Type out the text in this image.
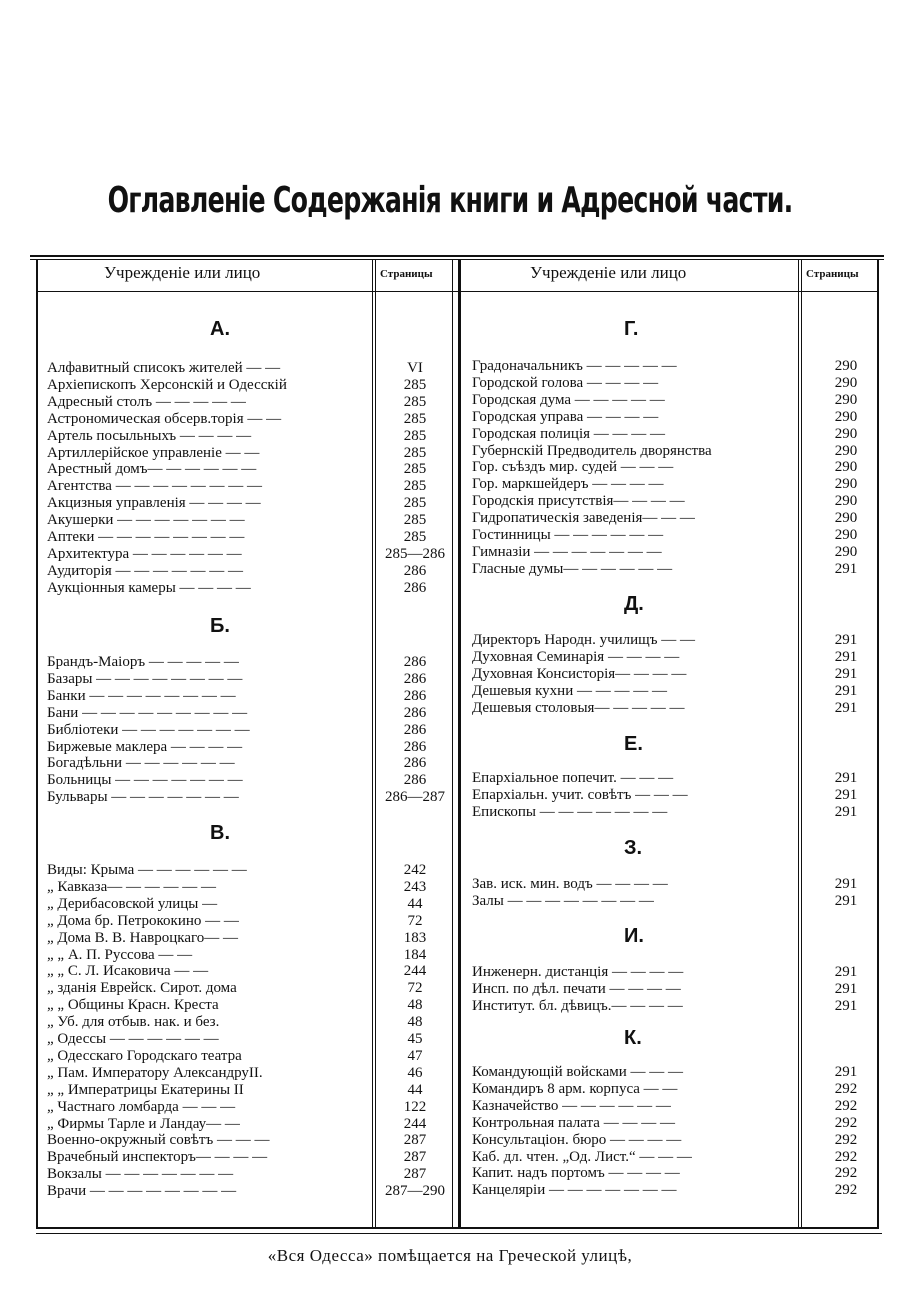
Оглавленіе Содержанія книги и Адресной части.
Учрежденіе или лицо	Страницы	Учрежденіе или лицо	Страницы
А.
Алфавитный списокъ жителей — —	VI
Архіепископъ Херсонскій и Одесскій	285
Адресный столъ — — — — —	285
Астрономическая обсерв.торія — —	285
Артель посыльныхъ — — — —	285
Артиллерійское управленіе — —	285
Арестный домъ— — — — — —	285
Агентства — — — — — — — —	285
Акцизныя управленія — — — —	285
Акушерки — — — — — — —	285
Аптеки — — — — — — — —	285
Архитектура — — — — — —	285—286
Аудиторія — — — — — — —	286
Аукціонныя камеры — — — —	286
Б.
Брандъ-Маіоръ — — — — —	286
Базары — — — — — — — —	286
Банки — — — — — — — —	286
Бани — — — — — — — — —	286
Библіотеки — — — — — — —	286
Биржевые маклера — — — —	286
Богадѣльни — — — — — —	286
Больницы — — — — — — —	286
Бульвары — — — — — — —	286—287
В.
Виды: Крыма — — — — — —	242
„ Кавказа— — — — — —	243
„ Дерибасовской улицы —	44
„ Дома бр. Петрококино — —	72
„ Дома В. В. Навроцкаго— —	183
„ „ А. П. Руссова — —	184
„ „ С. Л. Исаковича — —	244
„ зданія Еврейск. Сирот. дома	72
„ „ Общины Красн. Креста	48
„ Уб. для отбыв. нак. и без.	48
„ Одессы — — — — — —	45
„ Одесскаго Городскаго театра	47
„ Пам. Императору АлександруII.	46
„ „ Императрицы Екатерины II	44
„ Частнаго ломбарда — — —	122
„ Фирмы Тарле и Ландау— —	244
Военно-окружный совѣтъ — — —	287
Врачебный инспекторъ— — — —	287
Вокзалы — — — — — — —	287
Врачи — — — — — — — —	287—290
Г.
Градоначальникъ — — — — —	290
Городской голова — — — —	290
Городская дума — — — — —	290
Городская управа — — — —	290
Городская полиція — — — —	290
Губернскій Предводитель дворянства	290
Гор. съѣздъ мир. судей — — —	290
Гор. маркшейдеръ — — — —	290
Городскія присутствія— — — —	290
Гидропатическія заведенія— — —	290
Гостинницы — — — — — —	290
Гимназіи — — — — — — —	290
Гласные думы— — — — — —	291
Д.
Директоръ Народн. училищъ — —	291
Духовная Семинарія — — — —	291
Духовная Консисторія— — — —	291
Дешевыя кухни — — — — —	291
Дешевыя столовыя— — — — —	291
Е.
Епархіальное попечит. — — —	291
Епархіальн. учит. совѣтъ — — —	291
Епископы — — — — — — —	291
З.
Зав. иск. мин. водъ — — — —	291
Залы — — — — — — — —	291
И.
Инженерн. дистанція — — — —	291
Инсп. по дѣл. печати — — — —	291
Институт. бл. дѣвицъ.— — — —	291
К.
Командующій войсками — — —	291
Командиръ 8 арм. корпуса — —	292
Казначейство — — — — — —	292
Контрольная палата — — — —	292
Консультаціон. бюро — — — —	292
Каб. дл. чтен. „Од. Лист.“ — — —	292
Капит. надъ портомъ — — — —	292
Канцеляріи — — — — — — —	292
«Вся Одесса» помѣщается на Греческой улицѣ,
